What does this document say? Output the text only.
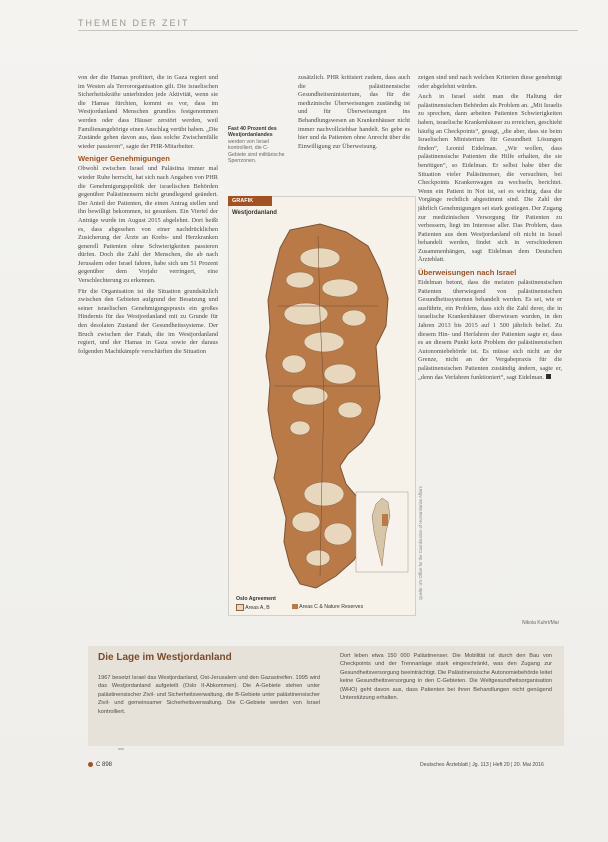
THEMEN DER ZEIT

von der die Hamas profitiert, die in Gaza regiert und im Westen als Terrororganisation gilt. Die israelischen Sicherheitskräfte unterbinden jede Aktivität, wenn sie die Hamas fürchten, kommt es vor, dass im Westjordanland Menschen grundlos festgenommen werden oder dass Häuser zerstört werden, weil Familienangehörige einen Anschlag verübt haben. „Die Zustände gehen davon aus, dass solche Zwischenfälle wieder passieren“, sagte der PHR-Mitarbeiter.

Weniger Genehmigungen

Obwohl zwischen Israel und Palästina immer mal wieder Ruhe herrscht, hat sich nach Angaben von PHR die Genehmigungspolitik der israelischen Behörden gegenüber Palästinensern nicht grundlegend geändert. Der Anteil der Patienten, die einen Antrag stellen und ihn bewilligt bekommen, ist gesunken. Ein Viertel der Anträge wurde im August 2015 abgelehnt. Dort heißt es, dass abgesehen von einer nachdrücklichen Zusicherung der Ärzte an Krebs- und Herzkranken generell Patienten ohne Schwierigkeiten passieren dürfen. Doch die Zahl der Menschen, die ab nach Jerusalem oder Israel fahren, habe sich um 51 Prozent gegenüber dem Vorjahr verringert, eine Verschlechterung zu erkennen.

Für die Organisation ist die Situation grundsätzlich zwischen den Gebieten aufgrund der Besatzung und seiner israelischen Genehmigungspraxis ein großes Hindernis für das Westjordanland mit zu Grunde für den desolaten Zustand der Gesundheitssysteme. Der Bruch zwischen der Fatah, die im Westjordanland regiert, und der Hamas in Gaza sowie der daraus folgenden Machtkämpfe verschärften die Situation

zusätzlich. PHR kritisiert zudem, dass auch die palästinensische Gesundheitsministerium, das für die medizinische Überweisungen zuständig ist und für Überweisungen ins Behandlungswesen an Krankenhäuser nicht immer nachvollziehbar handelt. So gebe es hier und da Patienten ohne Anrecht über die Einwilligung zur Überweisung.

Fast 40 Prozent des Westjordanlandes werden von Israel kontrolliert, die C-Gebiete sind militärische Sperrzonen.
GRAFIK
Westjordanland
Oslo Agreement
Areas A, B	Areas C & Nature Reserves
Quelle: UN Office for the Coordination of Humanitarian Affairs

zeigen sind und nach welchen Kriterien diese genehmigt oder abgelehnt würden.

Auch in Israel sieht man die Haltung der palästinensischen Behörden als Problem an. „Mit Israelis zu sprechen, dann arbeiten Patienten Schwierigkeiten haben, israelische Krankenhäuser zu erreichen, geschieht häufig an Checkpoints“, gesagt, „die aber, dass sie beim Israelischen Ministerium für Gesundheit Lösungen finden“, Leonid Eidelman. „Wir wollen, dass palästinensische Patienten die Hilfe erhalten, die sie benötigen“, so Eidelman. Er selbst habe über die Situation vieler Palästinenser, die versuchten, bei Checkpoints Krankenwagen zu wechseln, berichtet. Wenn ein Patient in Not ist, sei es wichtig, dass die Vorgänge rechtlich abgestimmt sind. Die Zahl der jährlich Genehmigungen sei stark gestiegen. Der Zugang zur medizinischen Versorgung für Patienten zu verbessern, liegt im Interesse aller. Das Problem, dass Patienten aus dem Westjordanland oft nicht in Israel behandelt werden, findet sich in verschiedenen Zusammenhängen, sagt Eidelman dem Deutschen Ärzteblatt.

Überweisungen nach Israel

Eidelman betont, dass die meisten palästinensischen Patienten überwiegend von palästinensischen Gesundheitssystemen behandelt werden. Es sei, wie er ausführte, ein Problem, dass sich die Zahl derer, die in israelische Krankenhäuser überwiesen wurden, in den Jahren 2013 bis 2015 auf 1 500 jährlich belief. Zu diesem Hin- und Herfahren der Patienten sagte er, dass es an diesem Punkt kein Problem der palästinensischen Autonomiebehörde ist. Es müsse sich nicht an der Grenze, nicht an der Vergabepraxis für die palästinensischen Patienten zuständig ändern, sagte er, „denn das Verfahren funktioniert“, sagt Eidelman.

Nikola Kuhrt/Mai
Die Lage im Westjordanland
1967 besetzt Israel das Westjordanland, Ost-Jerusalem und den Gazastreifen. 1995 wird das Westjordanland aufgeteilt (Oslo II-Abkommen). Die A-Gebiete stehen unter palästinensischer Zivil- und Sicherheitsverwaltung, die B-Gebiete unter palästinensischer Zivil- und gemeinsamer Sicherheitsverwaltung. Die C-Gebiete werden von Israel kontrolliert.
Dort leben etwa 150 000 Palästinenser. Die Mobilität ist durch den Bau von Checkpoints und der Trennanlage stark eingeschränkt, was den Zugang zur Gesundheitsversorgung beeinträchtigt. Die Palästinensische Autonomiebehörde leitet keine Gesundheitsversorgung in den C-Gebieten. Die Weltgesundheitsorganisation (WHO) geht davon aus, dass Patienten bei ihren Behandlungen nicht genügend Unterstützung erhalten.
C 898	Deutsches Ärzteblatt | Jg. 113 | Heft 20 | 20. Mai 2016
